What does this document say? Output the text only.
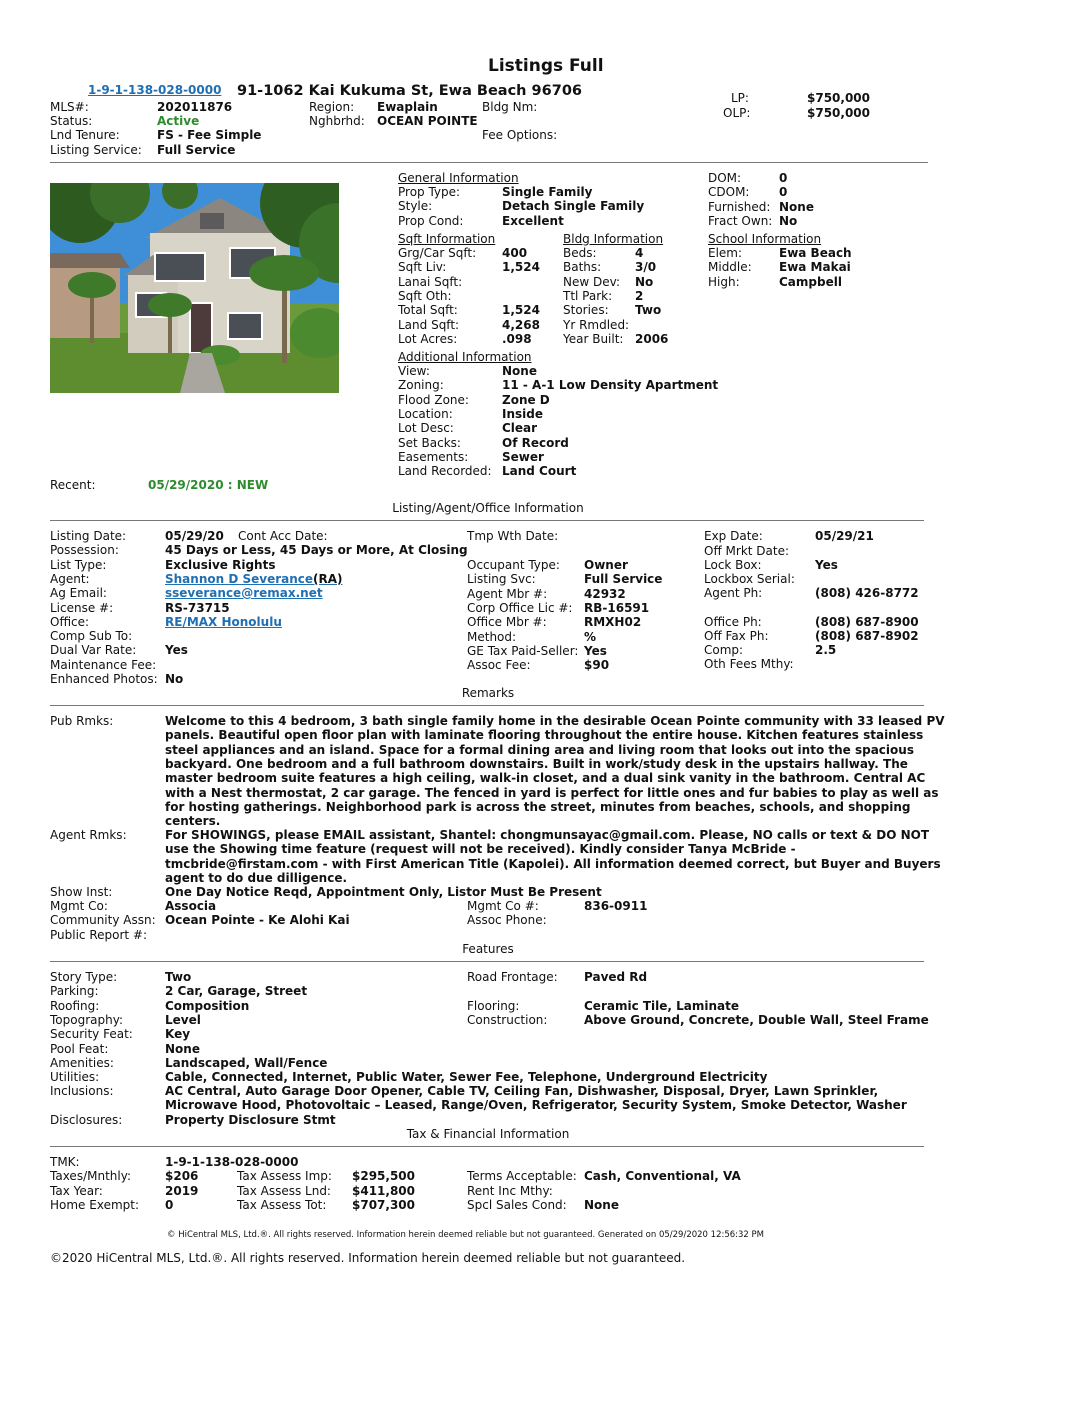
Listings Full
1-9-1-138-028-0000 91-1062 Kai Kukuma St, Ewa Beach 96706
MLS#:	202011876
Status:	Active
Lnd Tenure:	FS - Fee Simple
Listing Service: Full Service
Region: Ewaplain
Nghbrhd: OCEAN POINTE
Bldg Nm:
Fee Options:
LP:	$750,000
OLP:	$750,000
General Information
Prop Type:	Single Family
Style:	Detach Single Family
Prop Cond:	Excellent
DOM:	0
CDOM: 0
Furnished: None
Fract Own: No
Sqft Information	Bldg Information	School Information
Grg/Car Sqft: 400
Sqft Liv:	1,524
Lanai Sqft:
Sqft Oth:
Total Sqft:	1,524
Land Sqft:	4,268
Lot Acres:	.098
Beds:	4
Baths:	3/0
New Dev: No
Ttl Park: 2
Stories: Two
Yr Rmdled:
Year Built: 2006
Elem:	Ewa Beach
Middle: Ewa Makai
High:	Campbell
Additional Information
View:	None
Zoning:	11 - A-1 Low Density Apartment
Flood Zone:	Zone D
Location:	Inside
Lot Desc:	Clear
Set Backs:	Of Record
Easements:	Sewer
Land Recorded: Land Court
Recent:	05/29/2020 : NEW
Listing/Agent/Office Information
Listing Date:	05/29/20
Possession:	45 Days or Less, 45 Days or More, At Closing
List Type:	Exclusive Rights
Agent:	Shannon D Severance(RA)
Ag Email:	sseverance@remax.net
License #:	RS-73715
Office:	RE/MAX Honolulu
Comp Sub To:
Dual Var Rate: Yes
Maintenance Fee:
Enhanced Photos: No
Cont Acc Date:	Tmp Wth Date:
Occupant Type: Owner
Listing Svc:	Full Service
Agent Mbr #:	42932
Corp Office Lic #: RB-16591
Office Mbr #:	RMXH02
Method:	%
GE Tax Paid-Seller: Yes
Assoc Fee:	$90
Exp Date:	05/29/21
Off Mrkt Date:
Lock Box:	Yes
Lockbox Serial:
Agent Ph:	(808) 426-8772
Office Ph:	(808) 687-8900
Off Fax Ph:	(808) 687-8902
Comp:	2.5
Oth Fees Mthy:
Remarks
Pub Rmks:	Welcome to this 4 bedroom, 3 bath single family home in the desirable Ocean Pointe community with 33 leased PV
panels. Beautiful open floor plan with laminate flooring throughout the entire house. Kitchen features stainless
steel appliances and an island. Space for a formal dining area and living room that looks out into the spacious
backyard. One bedroom and a full bathroom downstairs. Built in work/study desk in the upstairs hallway. The
master bedroom suite features a high ceiling, walk-in closet, and a dual sink vanity in the bathroom. Central AC
with a Nest thermostat, 2 car garage. The fenced in yard is perfect for little ones and fur babies to play as well as
for hosting gatherings. Neighborhood park is across the street, minutes from beaches, schools, and shopping
centers.
Agent Rmks:	For SHOWINGS, please EMAIL assistant, Shantel: chongmunsayac@gmail.com. Please, NO calls or text & DO NOT
use the Showing time feature (request will not be received). Kindly consider Tanya McBride -
tmcbride@firstam.com - with First American Title (Kapolei). All information deemed correct, but Buyer and Buyers
agent to do due dilligence.
Show Inst:	One Day Notice Reqd, Appointment Only, Listor Must Be Present
Mgmt Co:	Associa	Mgmt Co #:	836-0911
Community Assn: Ocean Pointe - Ke Alohi Kai	Assoc Phone:
Public Report #:
Features
Story Type:	Two
Parking:	2 Car, Garage, Street
Roofing:	Composition
Topography:	Level
Security Feat:	Key
Pool Feat:	None
Amenities:	Landscaped, Wall/Fence
Utilities:	Cable, Connected, Internet, Public Water, Sewer Fee, Telephone, Underground Electricity
Inclusions:	AC Central, Auto Garage Door Opener, Cable TV, Ceiling Fan, Dishwasher, Disposal, Dryer, Lawn Sprinkler,
Microwave Hood, Photovoltaic – Leased, Range/Oven, Refrigerator, Security System, Smoke Detector, Washer
Disclosures:	Property Disclosure Stmt
Road Frontage: Paved Rd
Flooring:	Ceramic Tile, Laminate
Construction:	Above Ground, Concrete, Double Wall, Steel Frame
Tax & Financial Information
TMK:	1-9-1-138-028-0000
Taxes/Mnthly:	$206
Tax Year:	2019
Home Exempt: 0
Tax Assess Imp: $295,500
Tax Assess Lnd: $411,800
Tax Assess Tot: $707,300
Terms Acceptable: Cash, Conventional, VA
Rent Inc Mthy:
Spcl Sales Cond: None
© HiCentral MLS, Ltd.®. All rights reserved. Information herein deemed reliable but not guaranteed. Generated on 05/29/2020 12:56:32 PM
©2020 HiCentral MLS, Ltd.®. All rights reserved. Information herein deemed reliable but not guaranteed.
